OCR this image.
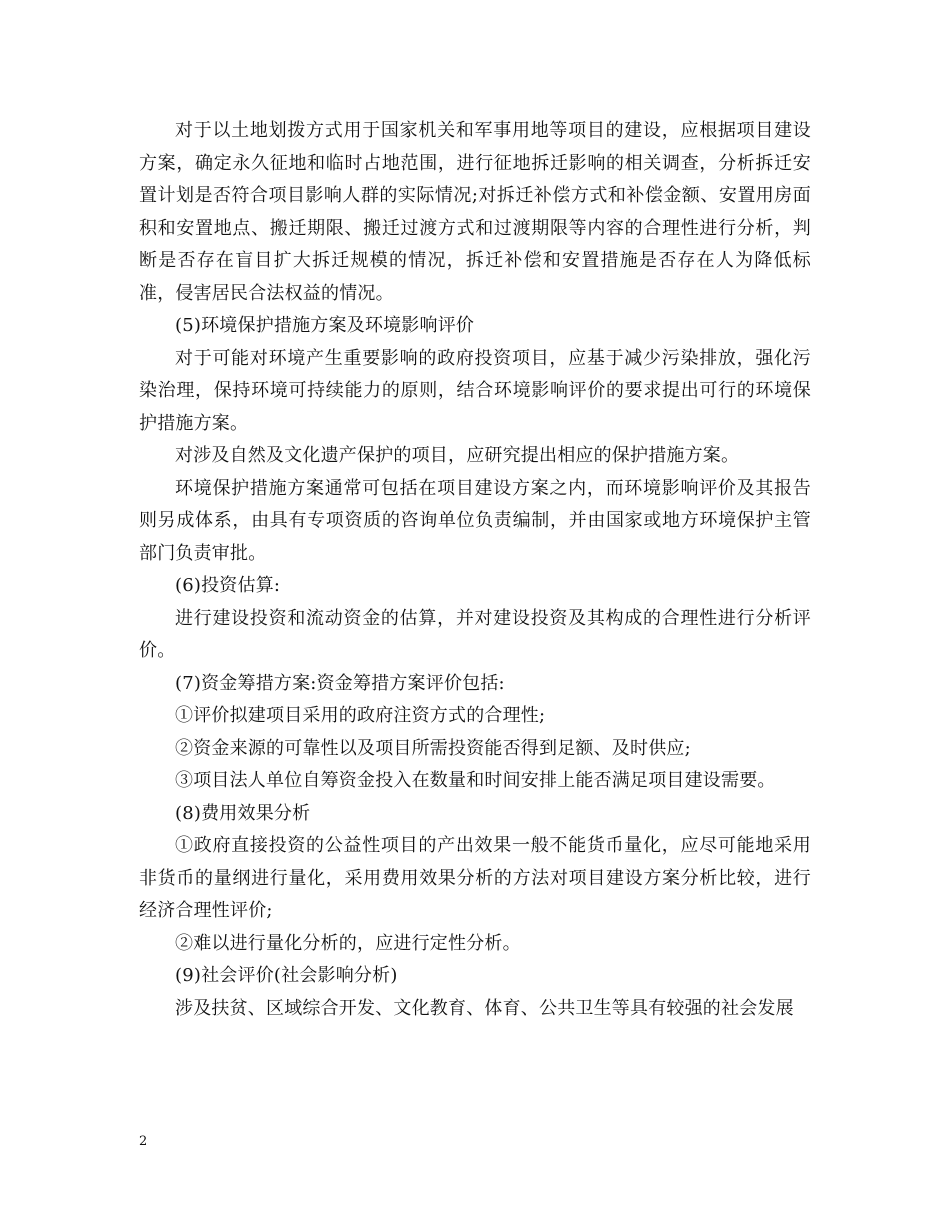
对于以土地划拨方式用于国家机关和军事用地等项目的建设，应根据项目建设方案，确定永久征地和临时占地范围，进行征地拆迁影响的相关调查，分析拆迁安置计划是否符合项目影响人群的实际情况;对拆迁补偿方式和补偿金额、安置用房面积和安置地点、搬迁期限、搬迁过渡方式和过渡期限等内容的合理性进行分析，判断是否存在盲目扩大拆迁规模的情况，拆迁补偿和安置措施是否存在人为降低标准，侵害居民合法权益的情况。

(5)环境保护措施方案及环境影响评价

对于可能对环境产生重要影响的政府投资项目，应基于减少污染排放，强化污染治理，保持环境可持续能力的原则，结合环境影响评价的要求提出可行的环境保护措施方案。

对涉及自然及文化遗产保护的项目，应研究提出相应的保护措施方案。

环境保护措施方案通常可包括在项目建设方案之内，而环境影响评价及其报告则另成体系，由具有专项资质的咨询单位负责编制，并由国家或地方环境保护主管部门负责审批。

(6)投资估算:

进行建设投资和流动资金的估算，并对建设投资及其构成的合理性进行分析评价。

(7)资金筹措方案:资金筹措方案评价包括:

①评价拟建项目采用的政府注资方式的合理性;

②资金来源的可靠性以及项目所需投资能否得到足额、及时供应;

③项目法人单位自筹资金投入在数量和时间安排上能否满足项目建设需要。

(8)费用效果分析

①政府直接投资的公益性项目的产出效果一般不能货币量化，应尽可能地采用非货币的量纲进行量化，采用费用效果分析的方法对项目建设方案分析比较，进行经济合理性评价;

②难以进行量化分析的，应进行定性分析。

(9)社会评价(社会影响分析)

涉及扶贫、区域综合开发、文化教育、体育、公共卫生等具有较强的社会发展

2
